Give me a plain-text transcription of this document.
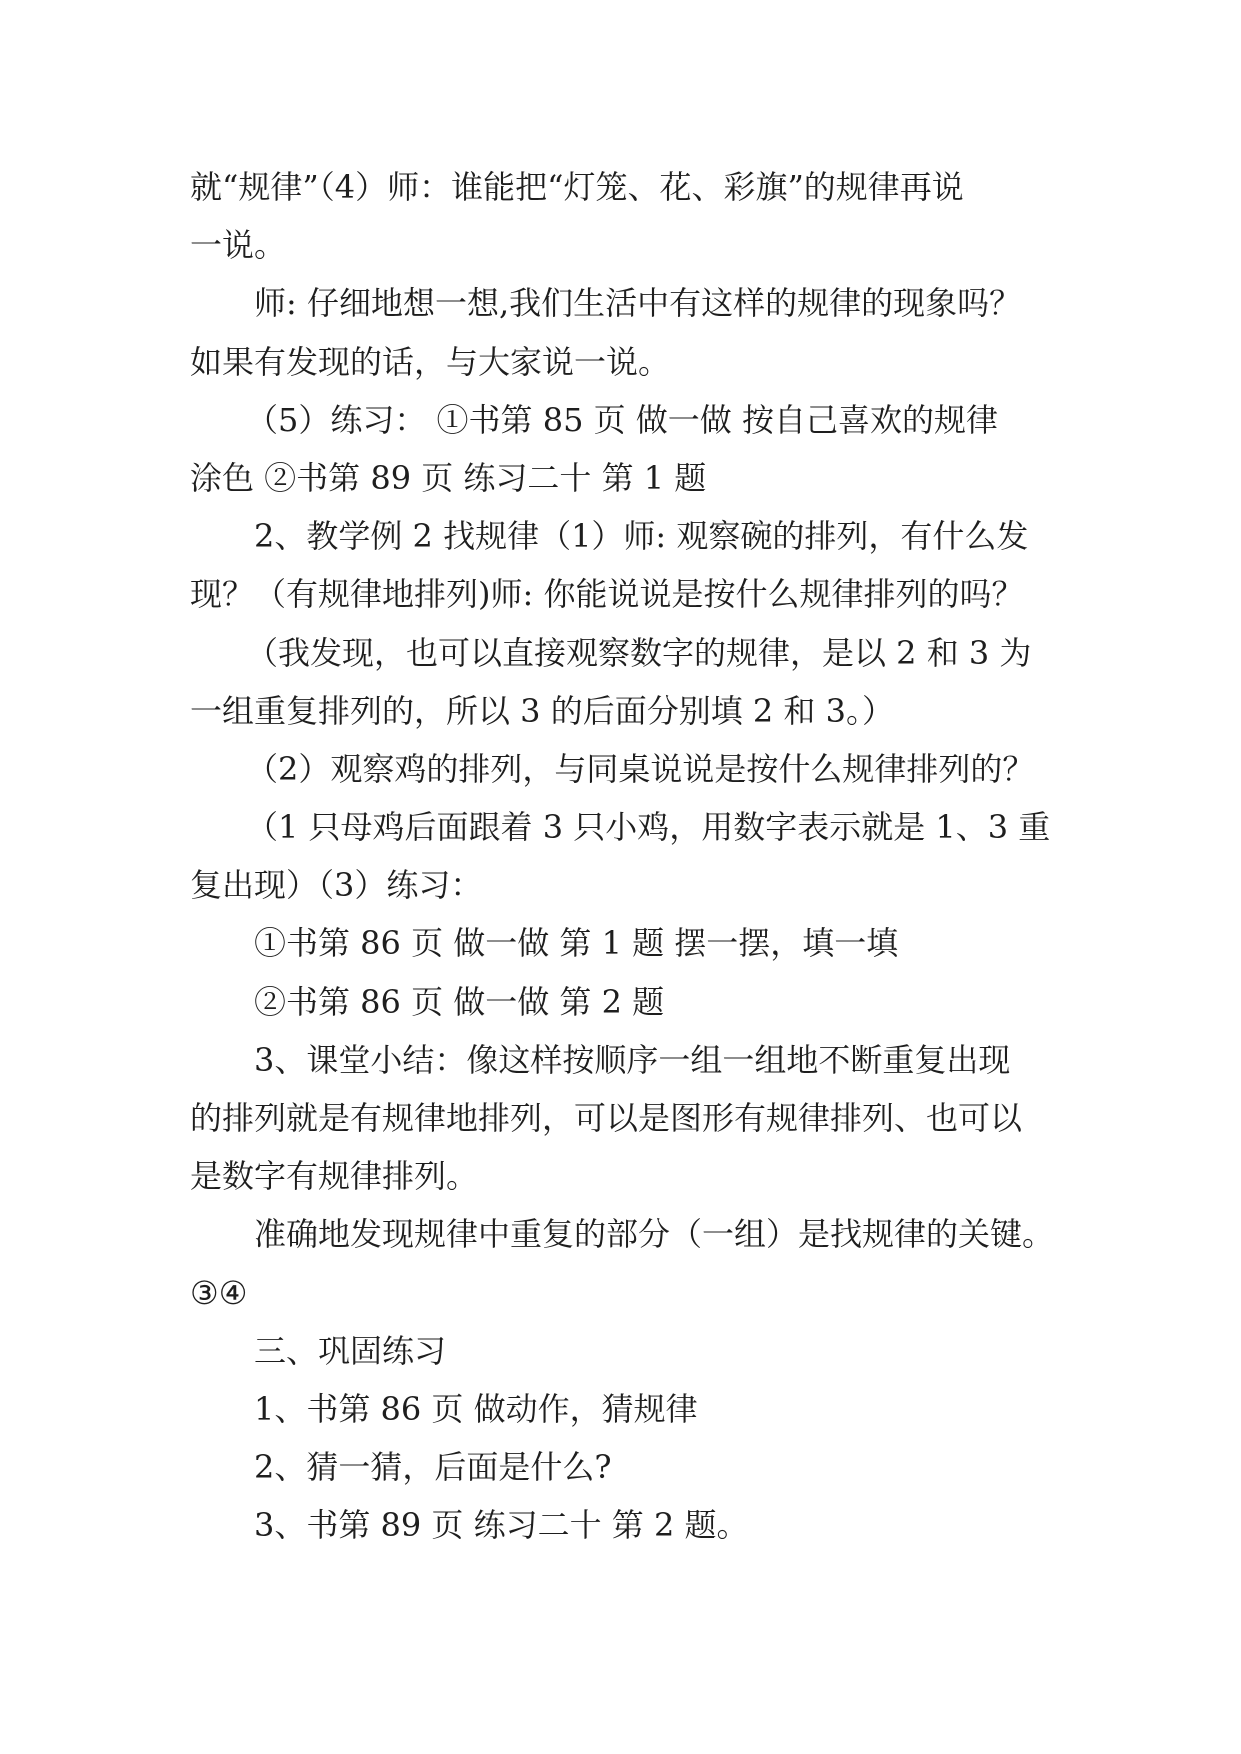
就“规律”（4）师：谁能把“灯笼、花、彩旗”的规律再说
一说。
师: 仔细地想一想,我们生活中有这样的规律的现象吗？
如果有发现的话，与大家说一说。
（5）练习： ①书第 85 页 做一做 按自己喜欢的规律
涂色 ②书第 89 页 练习二十 第 1 题
2、教学例 2 找规律（1）师: 观察碗的排列，有什么发
现？（有规律地排列)师: 你能说说是按什么规律排列的吗？
（我发现，也可以直接观察数字的规律，是以 2 和 3 为
一组重复排列的，所以 3 的后面分别填 2 和 3。）
（2）观察鸡的排列，与同桌说说是按什么规律排列的？
（1 只母鸡后面跟着 3 只小鸡，用数字表示就是 1、3 重
复出现）（3）练习：
①书第 86 页 做一做 第 1 题 摆一摆，填一填
②书第 86 页 做一做 第 2 题
3、课堂小结：像这样按顺序一组一组地不断重复出现
的排列就是有规律地排列，可以是图形有规律排列、也可以
是数字有规律排列。
准确地发现规律中重复的部分（一组）是找规律的关键。
③④
三、巩固练习
1、书第 86 页 做动作，猜规律
2、猜一猜，后面是什么?
3、书第 89 页 练习二十 第 2 题。
